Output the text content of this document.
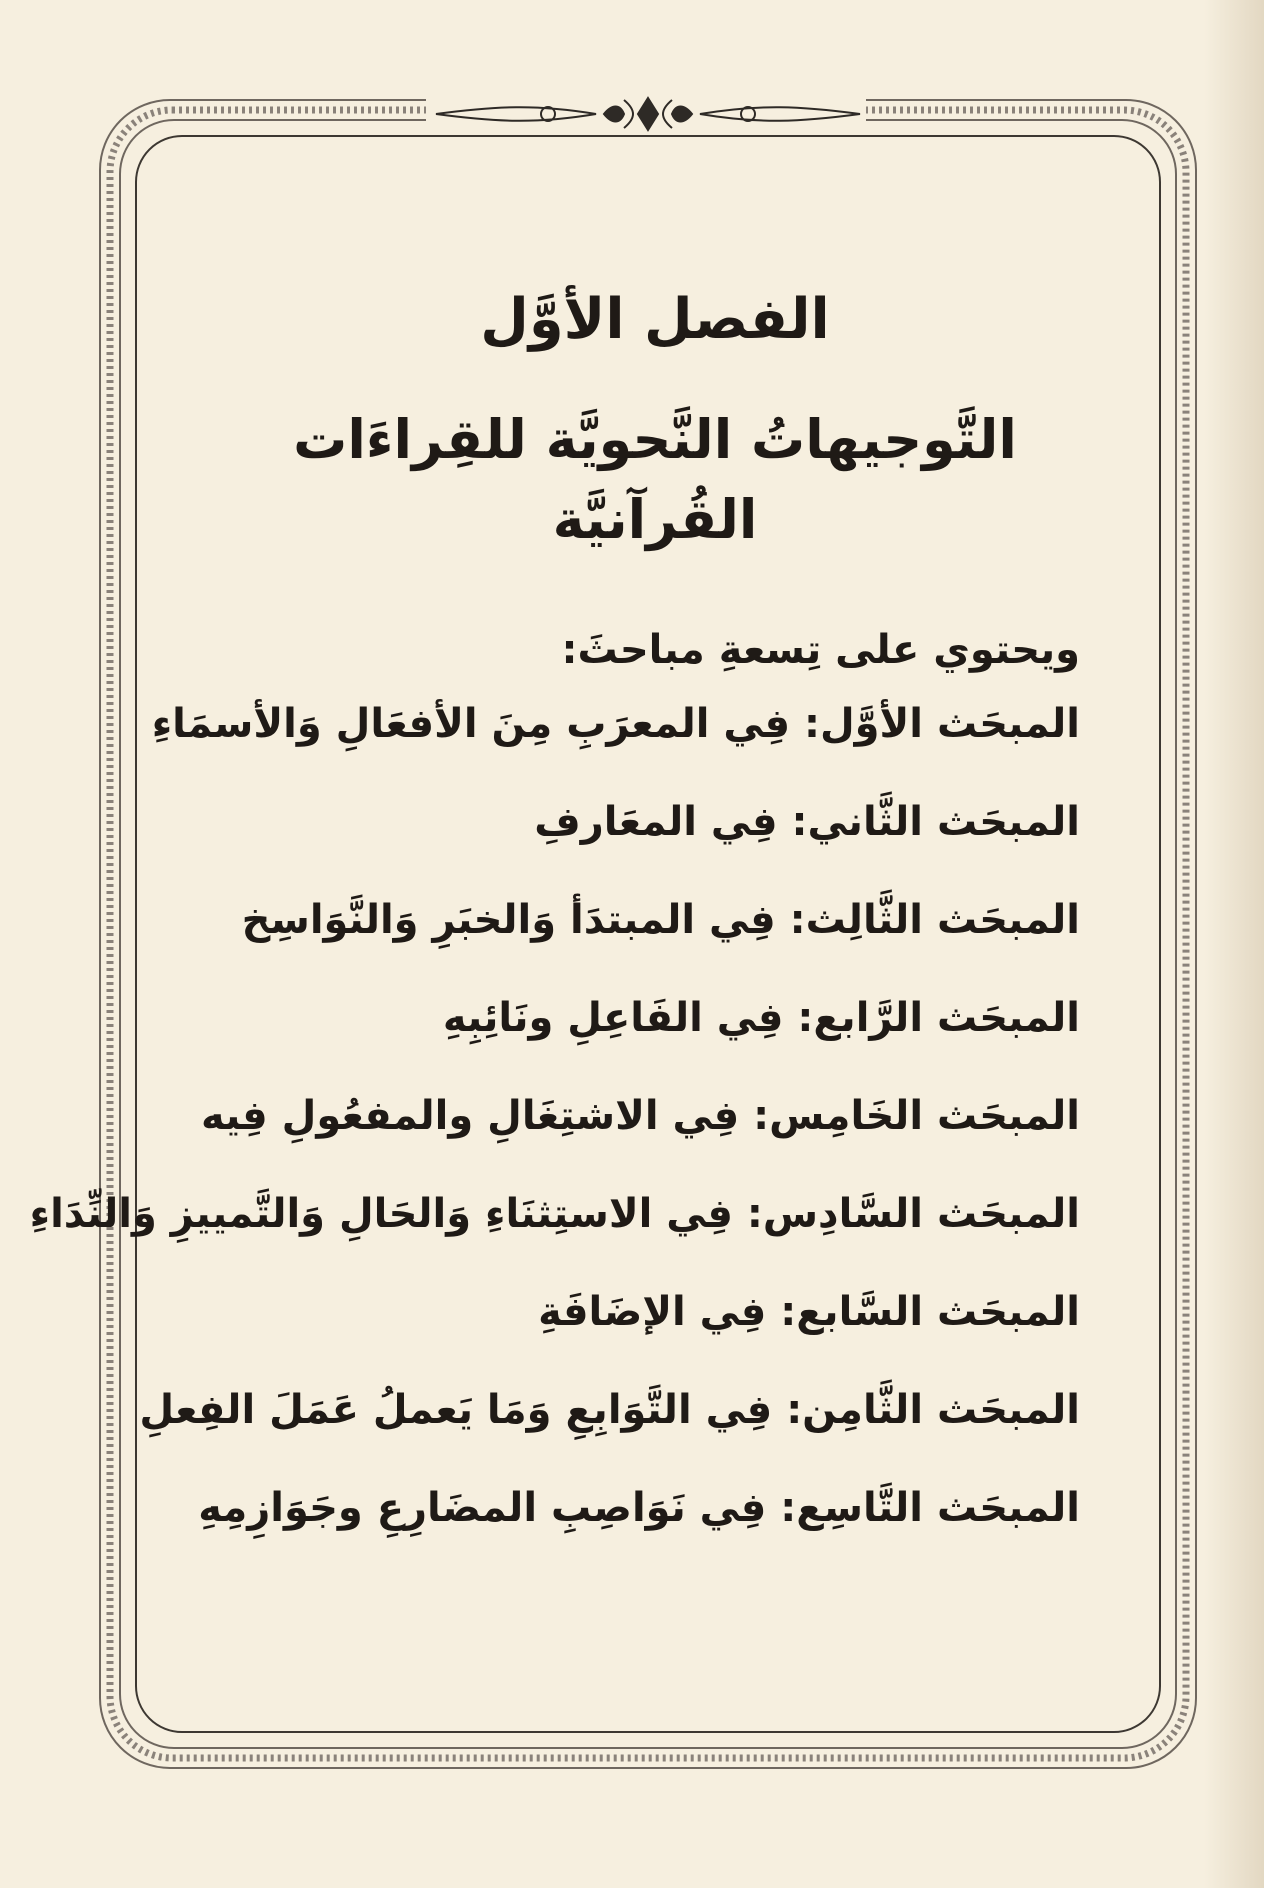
الفصل الأوَّل
التَّوجيهاتُ النَّحويَّة للقِراءَات القُرآنيَّة

ويحتوي على تِسعةِ مباحثَ:

المبحَث الأوَّل: فِي المعرَبِ مِنَ الأفعَالِ وَالأسمَاءِ
المبحَث الثَّاني: فِي المعَارفِ
المبحَث الثَّالِث: فِي المبتدَأ وَالخبَرِ وَالنَّوَاسِخ
المبحَث الرَّابع: فِي الفَاعِلِ ونَائِبِهِ
المبحَث الخَامِس: فِي الاشتِغَالِ والمفعُولِ فِيه
المبحَث السَّادِس: فِي الاستِثنَاءِ وَالحَالِ وَالتَّمييزِ وَالنِّدَاءِ
المبحَث السَّابع: فِي الإضَافَةِ
المبحَث الثَّامِن: فِي التَّوَابِعِ وَمَا يَعملُ عَمَلَ الفِعلِ
المبحَث التَّاسِع: فِي نَوَاصِبِ المضَارِعِ وجَوَازِمِهِ
